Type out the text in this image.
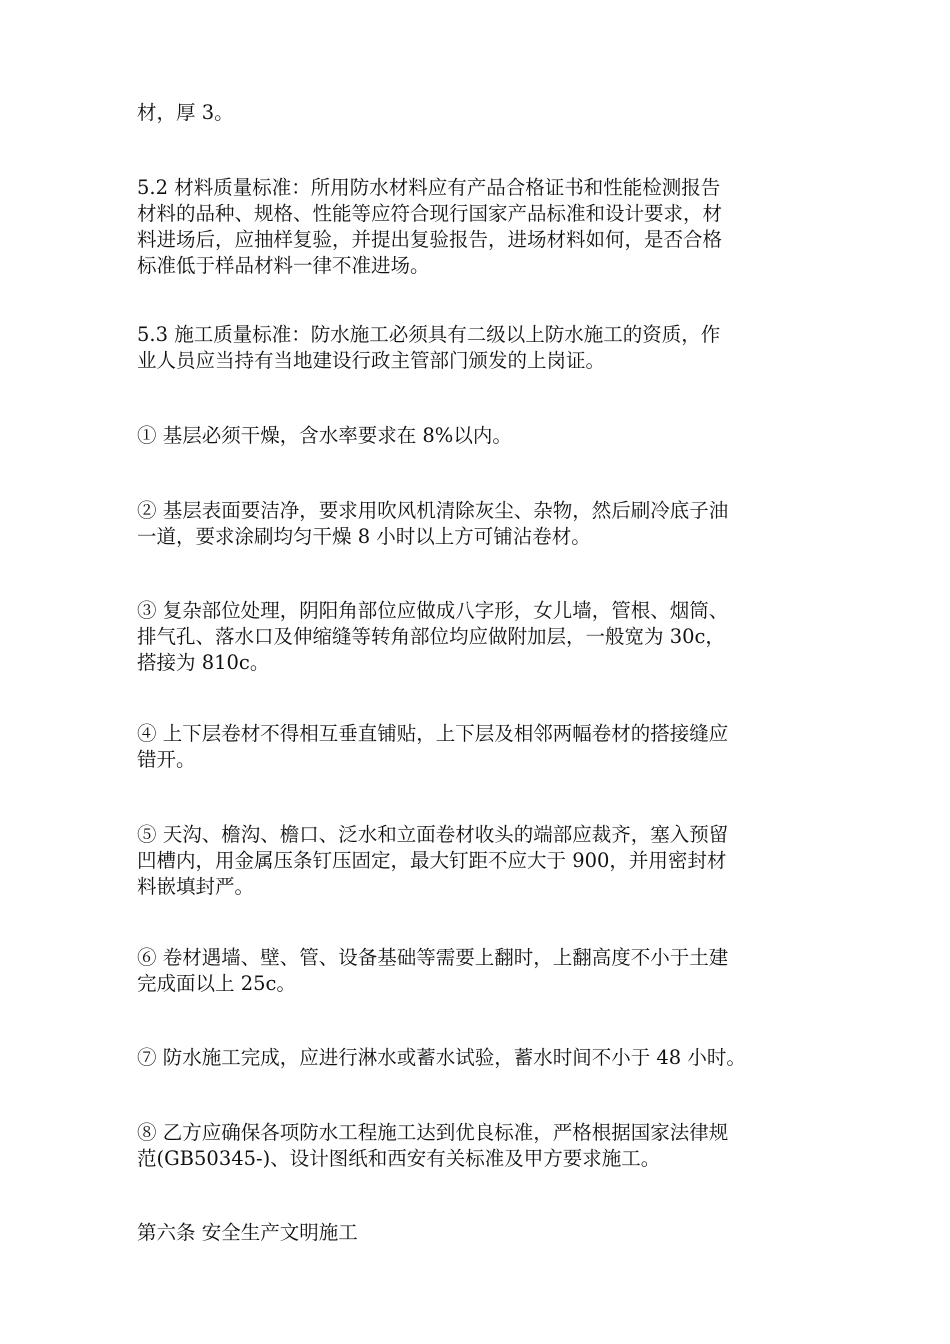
材，厚 3。

5.2 材料质量标准：所用防水材料应有产品合格证书和性能检测报告
材料的品种、规格、性能等应符合现行国家产品标准和设计要求，材
料进场后，应抽样复验，并提出复验报告，进场材料如何，是否合格
标准低于样品材料一律不准进场。

5.3 施工质量标准：防水施工必须具有二级以上防水施工的资质，作
业人员应当持有当地建设行政主管部门颁发的上岗证。

① 基层必须干燥，含水率要求在 8%以内。

② 基层表面要洁净，要求用吹风机清除灰尘、杂物，然后刷冷底子油
一道，要求涂刷均匀干燥 8 小时以上方可铺沾卷材。

③ 复杂部位处理，阴阳角部位应做成八字形，女儿墙，管根、烟筒、
排气孔、落水口及伸缩缝等转角部位均应做附加层，一般宽为 30c，
搭接为 810c。

④ 上下层卷材不得相互垂直铺贴，上下层及相邻两幅卷材的搭接缝应
错开。

⑤ 天沟、檐沟、檐口、泛水和立面卷材收头的端部应裁齐，塞入预留
凹槽内，用金属压条钉压固定，最大钉距不应大于 900，并用密封材
料嵌填封严。

⑥ 卷材遇墙、壁、管、设备基础等需要上翻时，上翻高度不小于土建
完成面以上 25c。

⑦ 防水施工完成，应进行淋水或蓄水试验，蓄水时间不小于 48 小时。

⑧ 乙方应确保各项防水工程施工达到优良标准，严格根据国家法律规
范(GB50345-)、设计图纸和西安有关标准及甲方要求施工。

第六条 安全生产文明施工
